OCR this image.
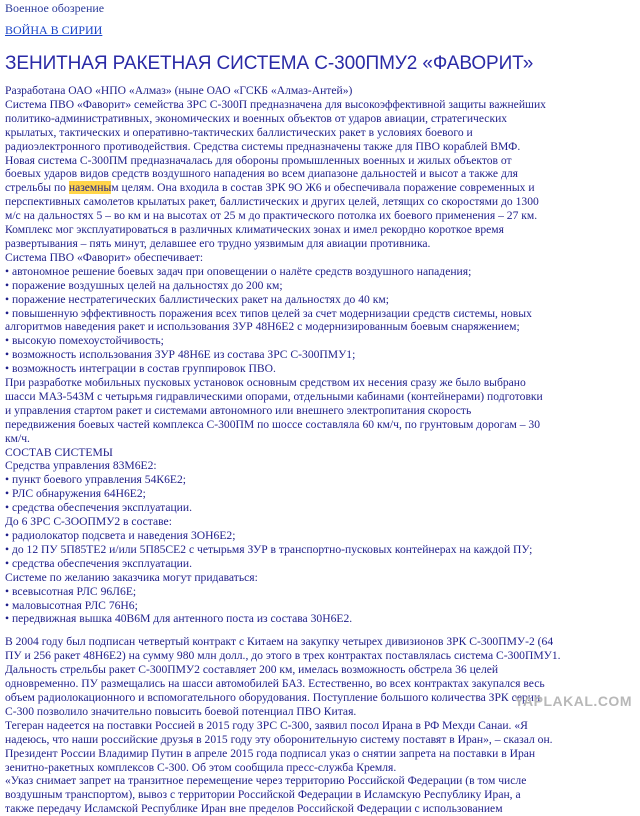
Военное обозрение

ВОЙНА В СИРИИ
ЗЕНИТНАЯ РАКЕТНАЯ СИСТЕМА С-300ПМУ2 «ФАВОРИТ»
Разработана ОАО «НПО «Алмаз» (ныне ОАО «ГСКБ «Алмаз-Антей»)
Система ПВО «Фаворит» семейства ЗРС С-300П предназначена для высокоэффективной защиты важнейших
политико-административных, экономических и военных объектов от ударов авиации, стратегических
крылатых, тактических и оперативно-тактических баллистических ракет в условиях боевого и
радиоэлектронного противодействия. Средства системы предназначены также для ПВО кораблей ВМФ.
Новая система С-300ПМ предназначалась для обороны промышленных военных и жилых объектов от
боевых ударов видов средств воздушного нападения во всем диапазоне дальностей и высот а также для
стрельбы по наземным целям. Она входила в состав ЗРК 9О Ж6 и обеспечивала поражение современных и
перспективных самолетов крылатых ракет, баллистических и других целей, летящих со скоростями до 1300
м/с на дальностях 5 – во км и на высотах от 25 м до практического потолка их боевого применения – 27 км.
Комплекс мог эксплуатироваться в различных климатических зонах и имел рекордно короткое время
развертывания – пять минут, делавшее его трудно уязвимым для авиации противника.
Система ПВО «Фаворит» обеспечивает:
• автономное решение боевых задач при оповещении о налёте средств воздушного нападения;
• поражение воздушных целей на дальностях до 200 км;
• поражение нестратегических баллистических ракет на дальностях до 40 км;
• повышенную эффективность поражения всех типов целей за счет модернизации средств системы, новых
алгоритмов наведения ракет и использования ЗУР 48Н6Е2 с модернизированным боевым снаряжением;
• высокую помехоустойчивость;
• возможность использования ЗУР 48Н6Е из состава ЗРС С-300ПМУ1;
• возможность интеграции в состав группировок ПВО.
При разработке мобильных пусковых установок основным средством их несения сразу же было выбрано
шасси МАЗ-543М с четырьмя гидравлическими опорами, отдельными кабинами (контейнерами) подготовки
и управления стартом ракет и системами автономного или внешнего электропитания скорость
передвижения боевых частей комплекса С-300ПМ по шоссе составляла 60 км/ч, по грунтовым дорогам – 30
км/ч.
СОСТАВ СИСТЕМЫ
Средства управления 83М6Е2:
• пункт боевого управления 54К6Е2;
• РЛС обнаружения 64Н6Е2;
• средства обеспечения эксплуатации.
До 6 ЗРС С-3ООПМУ2 в составе:
• радиолокатор подсвета и наведения 3ОН6Е2;
• до 12 ПУ 5П85ТЕ2 и/или 5П85СЕ2 с четырьмя ЗУР в транспортно-пусковых контейнерах на каждой ПУ;
• средства обеспечения эксплуатации.
Системе по желанию заказчика могут придаваться:
• всевысотная РЛС 96Л6Е;
• маловысотная РЛС 76Н6;
• передвижная вышка 40В6М для антенного поста из состава 30Н6Е2.
В 2004 году был подписан четвертый контракт с Китаем на закупку четырех дивизионов ЗРК С-300ПМУ-2 (64
ПУ и 256 ракет 48Н6Е2) на сумму 980 млн долл., до этого в трех контрактах поставлялась система С-300ПМУ1.
Дальность стрельбы ракет С-300ПМУ2 составляет 200 км, имелась возможность обстрела 36 целей
одновременно. ПУ размещались на шасси автомобилей БАЗ. Естественно, во всех контрактах закупался весь
объем радиолокационного и вспомогательного оборудования. Поступление большого количества ЗРК серии
С-300 позволило значительно повысить боевой потенциал ПВО Китая.
Тегеран надеется на поставки Россией в 2015 году ЗРС С-300, заявил посол Ирана в РФ Мехди Санаи. «Я
надеюсь, что наши российские друзья в 2015 году эту оборонительную систему поставят в Иран», – сказал он.
Президент России Владимир Путин в апреле 2015 года подписал указ о снятии запрета на поставки в Иран
зенитно-ракетных комплексов С-300. Об этом сообщила пресс-служба Кремля.
«Указ снимает запрет на транзитное перемещение через территорию Российской Федерации (в том числе
воздушным транспортом), вывоз с территории Российской Федерации в Исламскую Республику Иран, а
также передачу Исламской Республике Иран вне пределов Российской Федерации с использованием
YAPLAKAL.COM
